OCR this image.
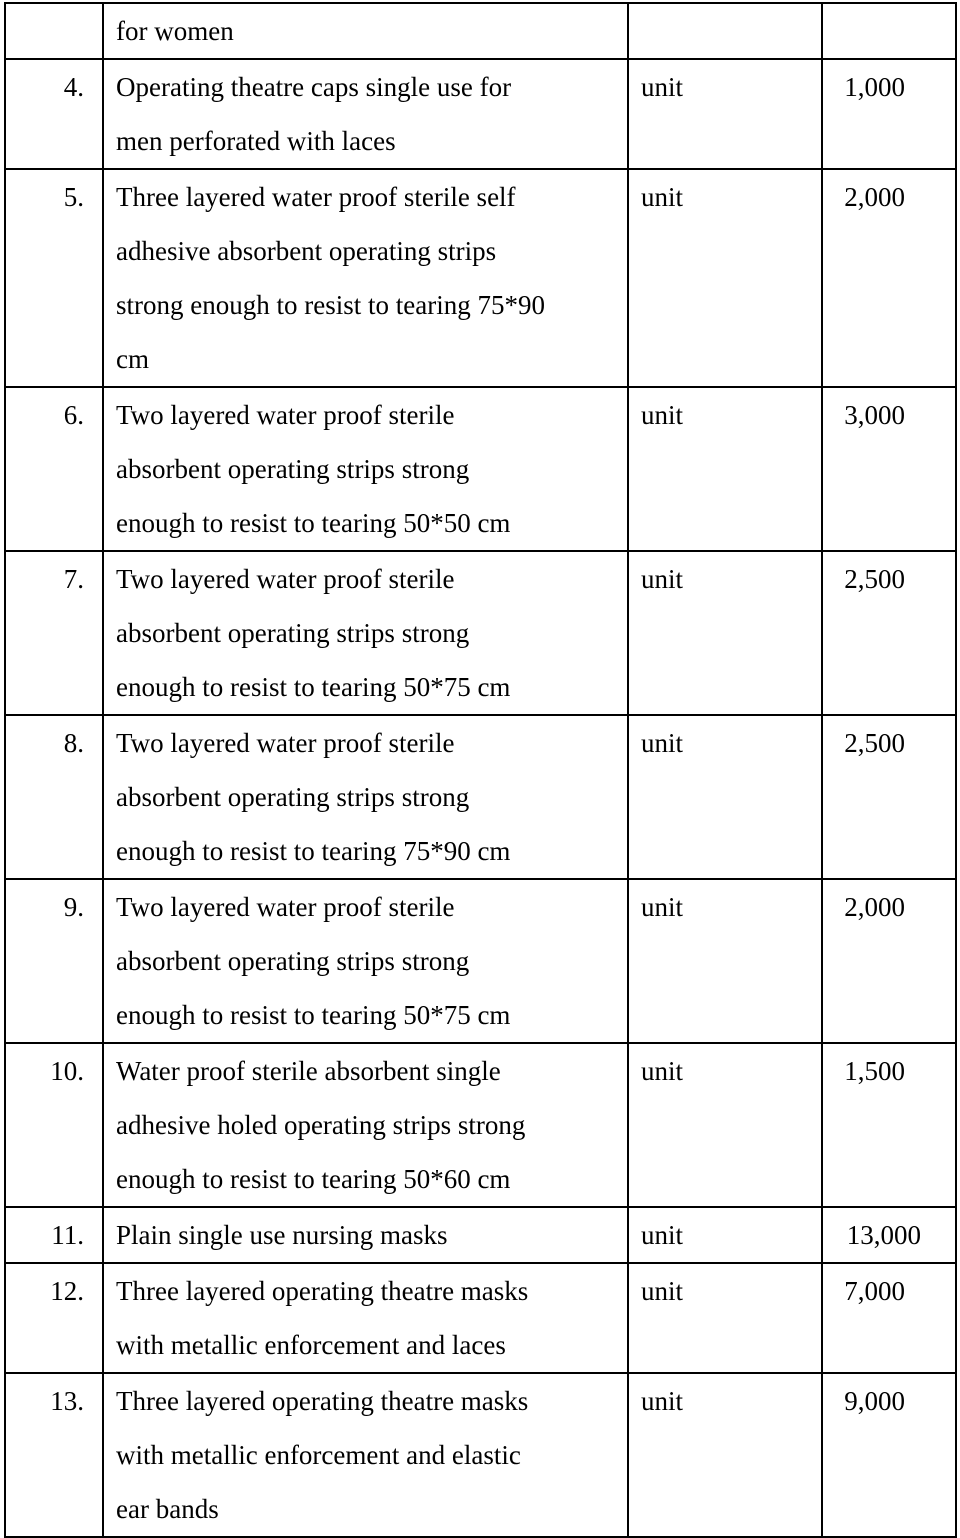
	for women		

4.	Operating theatre caps single use for
men perforated with laces	unit	1,000
5.	Three layered water proof sterile self
adhesive absorbent operating strips
strong enough to resist to tearing 75*90
cm	unit	2,000
6.	Two layered water proof sterile
absorbent operating strips strong
enough to resist to tearing 50*50 cm	unit	3,000
7.	Two layered water proof sterile
absorbent operating strips strong
enough to resist to tearing 50*75 cm	unit	2,500
8.	Two layered water proof sterile
absorbent operating strips strong
enough to resist to tearing 75*90 cm	unit	2,500
9.	Two layered water proof sterile
absorbent operating strips strong
enough to resist to tearing 50*75 cm	unit	2,000
10.	Water proof sterile absorbent single
adhesive holed operating strips strong
enough to resist to tearing 50*60 cm	unit	1,500
11.	Plain single use nursing masks	unit	13,000
12.	Three layered operating theatre masks
with metallic enforcement and laces	unit	7,000
13.	Three layered operating theatre masks
with metallic enforcement and elastic
ear bands	unit	9,000
